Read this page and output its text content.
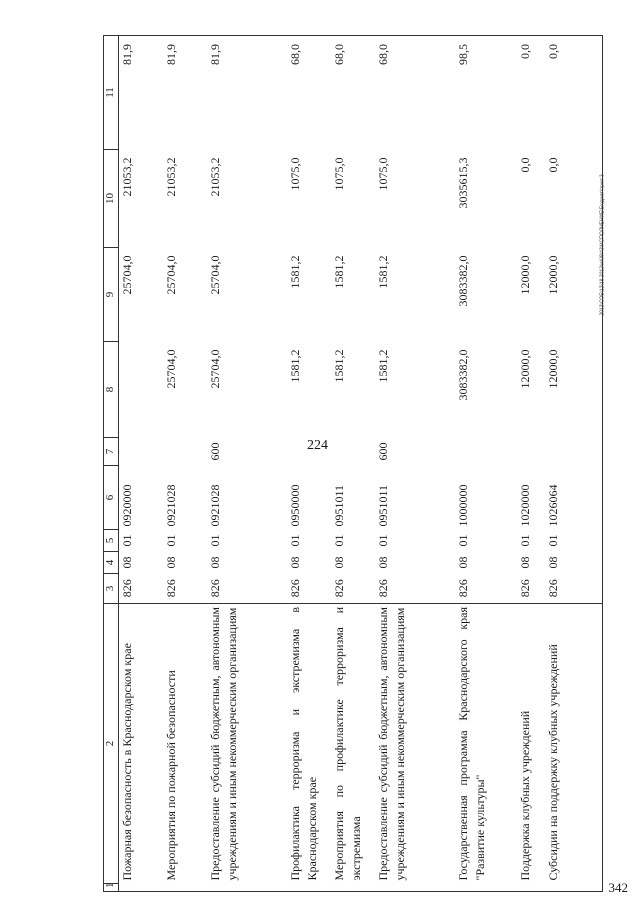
224
342
2013\СОБ\12\18.2013\м\09\43\ИСПОЛНЕНИЕ\Бюджет\прил 3
1	2	3	4	5	6	7	8	9	10	11
	Пожарная безопасность в Краснодарском крае	826	08	01	0920000			25704,0	21053,2	81,9
	Мероприятия по пожарной безопасности	826	08	01	0921028		25704,0	25704,0	21053,2	81,9
	Предоставление субсидий бюджетным, автономным учреждениям и иным некоммерческим организациям	826	08	01	0921028	600	25704,0	25704,0	21053,2	81,9
	Профилактика терроризма и экстремизма в Краснодарском крае	826	08	01	0950000		1581,2	1581,2	1075,0	68,0
	Мероприятия по профилактике терроризма и экстремизма	826	08	01	0951011		1581,2	1581,2	1075,0	68,0
	Предоставление субсидий бюджетным, автономным учреждениям и иным некоммерческим организациям	826	08	01	0951011	600	1581,2	1581,2	1075,0	68,0
	Государственная программа Краснодарского края "Развитие культуры"	826	08	01	1000000		3083382,0	3083382,0	3035615,3	98,5
	Поддержка клубных учреждений	826	08	01	1020000		12000,0	12000,0	0,0	0,0
	Субсидии на поддержку клубных учреждений	826	08	01	1026064		12000,0	12000,0	0,0	0,0
